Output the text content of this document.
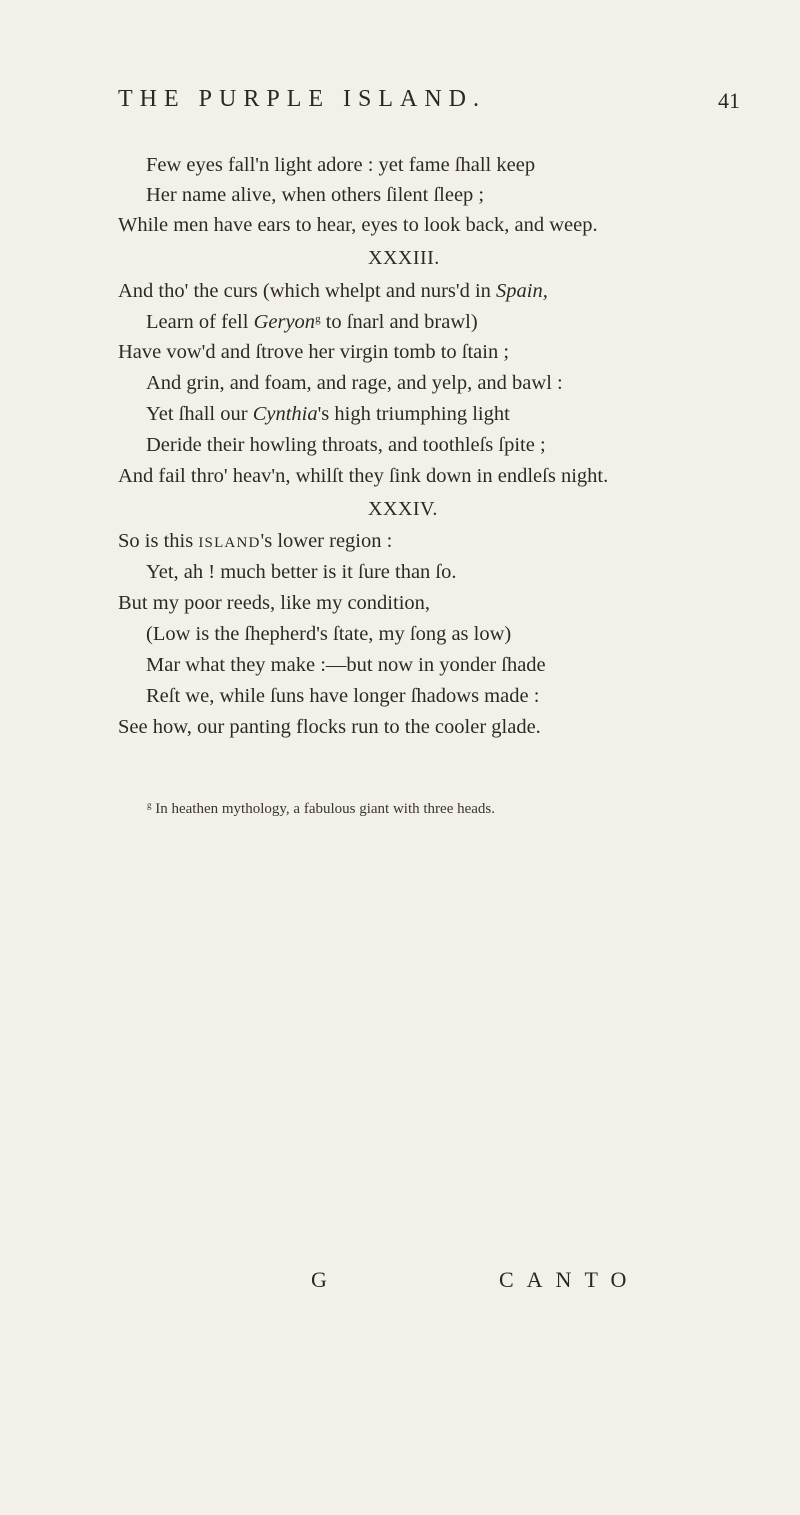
THE PURPLE ISLAND.	41
Few eyes fall'n light adore : yet fame ſhall keep
Her name alive, when others ſilent ſleep ;
While men have ears to hear, eyes to look back, and weep.
XXXIII.
And tho' the curs (which whelpt and nurs'd in Spain,
Learn of fell Geryon$^g$ to ſnarl and brawl)
Have vow'd and ſtrove her virgin tomb to ſtain ;
And grin, and foam, and rage, and yelp, and bawl :
Yet ſhall our Cynthia's high triumphing light
Deride their howling throats, and toothleſs ſpite ;
And fail thro' heav'n, whilſt they ſink down in endleſs night.
XXXIV.
So is this ISLAND's lower region :
Yet, ah ! much better is it ſure than ſo.
But my poor reeds, like my condition,
(Low is the ſhepherd's ſtate, my ſong as low)
Mar what they make :—but now in yonder ſhade
Reſt we, while ſuns have longer ſhadows made :
See how, our panting flocks run to the cooler glade.
$^g$ In heathen mythology, a fabulous giant with three heads.
G	CANTO
